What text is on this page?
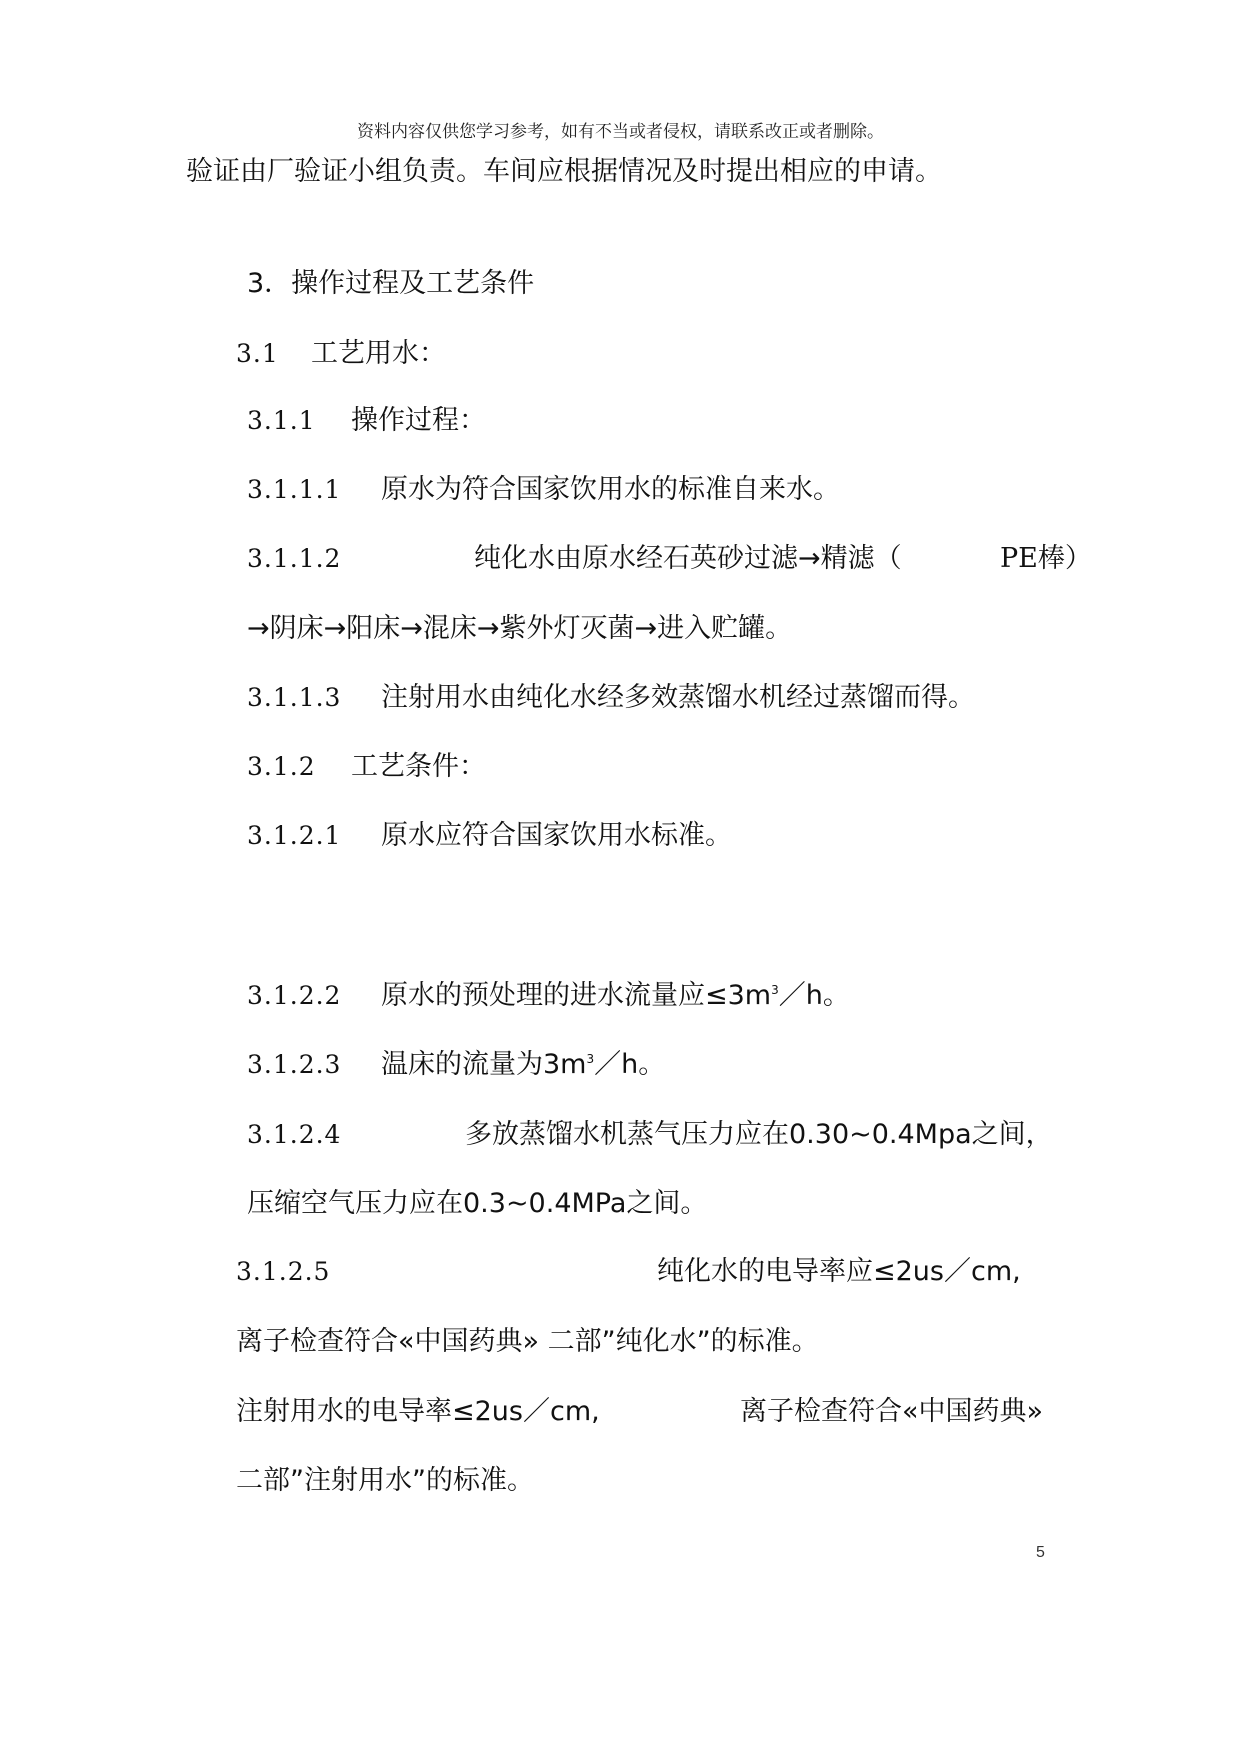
资料内容仅供您学习参考，如有不当或者侵权，请联系改正或者删除。
验证由厂验证小组负责。车间应根据情况及时提出相应的申请。
3．操作过程及工艺条件
3.1 工艺用水：
3.1.1 操作过程：
3.1.1.1 原水为符合国家饮用水的标准自来水。
3.1.1.2	纯化水由原水经石英砂过滤→精滤（	PE棒）
→阴床→阳床→混床→紫外灯灭菌→进入贮罐。
3.1.1.3 注射用水由纯化水经多效蒸馏水机经过蒸馏而得。
3.1.2 工艺条件：
3.1.2.1 原水应符合国家饮用水标准。
3.1.2.2 原水的预处理的进水流量应$\le 3m^3/h$。
3.1.2.3 温床的流量为$3m^3/h$。
3.1.2.4	多放蒸馏水机蒸气压力应在0.30~0.4Mpa之间，
压缩空气压力应在0.3~0.4MPa之间。
3.1.2.5	纯化水的电导率应≤2us／cm,
离子检查符合«中国药典» 二部”纯化水”的标准。
注射用水的电导率≤2us／cm,	离子检查符合«中国药典»
二部”注射用水”的标准。
5
